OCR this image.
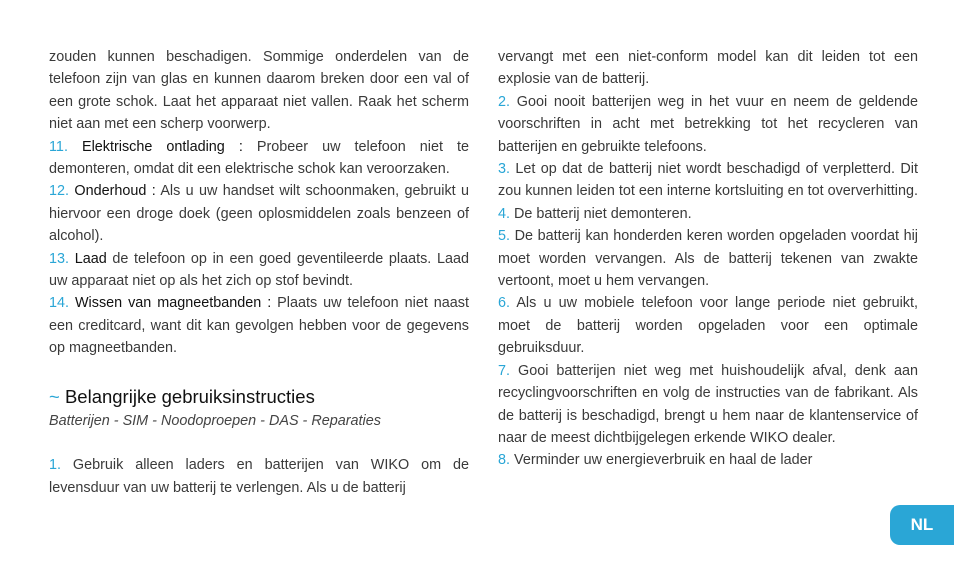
zouden kunnen beschadigen. Sommige onderdelen van de telefoon zijn van glas en kunnen daarom breken door een val of een grote schok. Laat het apparaat niet vallen. Raak het scherm niet aan met een scherp voorwerp.

11. Elektrische ontlading : Probeer uw telefoon niet te demonteren, omdat dit een elektrische schok kan veroorzaken.

12. Onderhoud : Als u uw handset wilt schoonmaken, gebruikt u hiervoor een droge doek (geen oplosmiddelen zoals benzeen of alcohol).

13. Laad de telefoon op in een goed geventileerde plaats. Laad uw apparaat niet op als het zich op stof bevindt.

14. Wissen van magneetbanden : Plaats uw telefoon niet naast een creditcard, want dit kan gevolgen hebben voor de gegevens op magneetbanden.

~ Belangrijke gebruiksinstructies

Batterijen - SIM - Noodoproepen - DAS - Reparaties

1. Gebruik alleen laders en batterijen van WIKO om de levensduur van uw batterij te verlengen. Als u de batterij

vervangt met een niet-conform model kan dit leiden tot een explosie van de batterij.

2. Gooi nooit batterijen weg in het vuur en neem de geldende voorschriften in acht met betrekking tot het recyclеren van batterijen en gebruikte telefoons.

3. Let op dat de batterij niet wordt beschadigd of verpletterd. Dit zou kunnen leiden tot een interne kortsluiting en tot oververhitting.

4. De batterij niet demonteren.

5. De batterij kan honderden keren worden opgeladen voordat hij moet worden vervangen. Als de batterij tekenen van zwakte vertoont, moet u hem vervangen.

6. Als u uw mobiele telefoon voor lange periode niet gebruikt, moet de batterij worden opgeladen voor een optimale gebruiksduur.

7. Gooi batterijen niet weg met huishoudelijk afval, denk aan recyclingvoorschriften en volg de instructies van de fabrikant. Als de batterij is beschadigd, brengt u hem naar de klantenservice of naar de meest dichtbijgelegen erkende WIKO dealer.

8. Verminder uw energieverbruik en haal de lader

NL
